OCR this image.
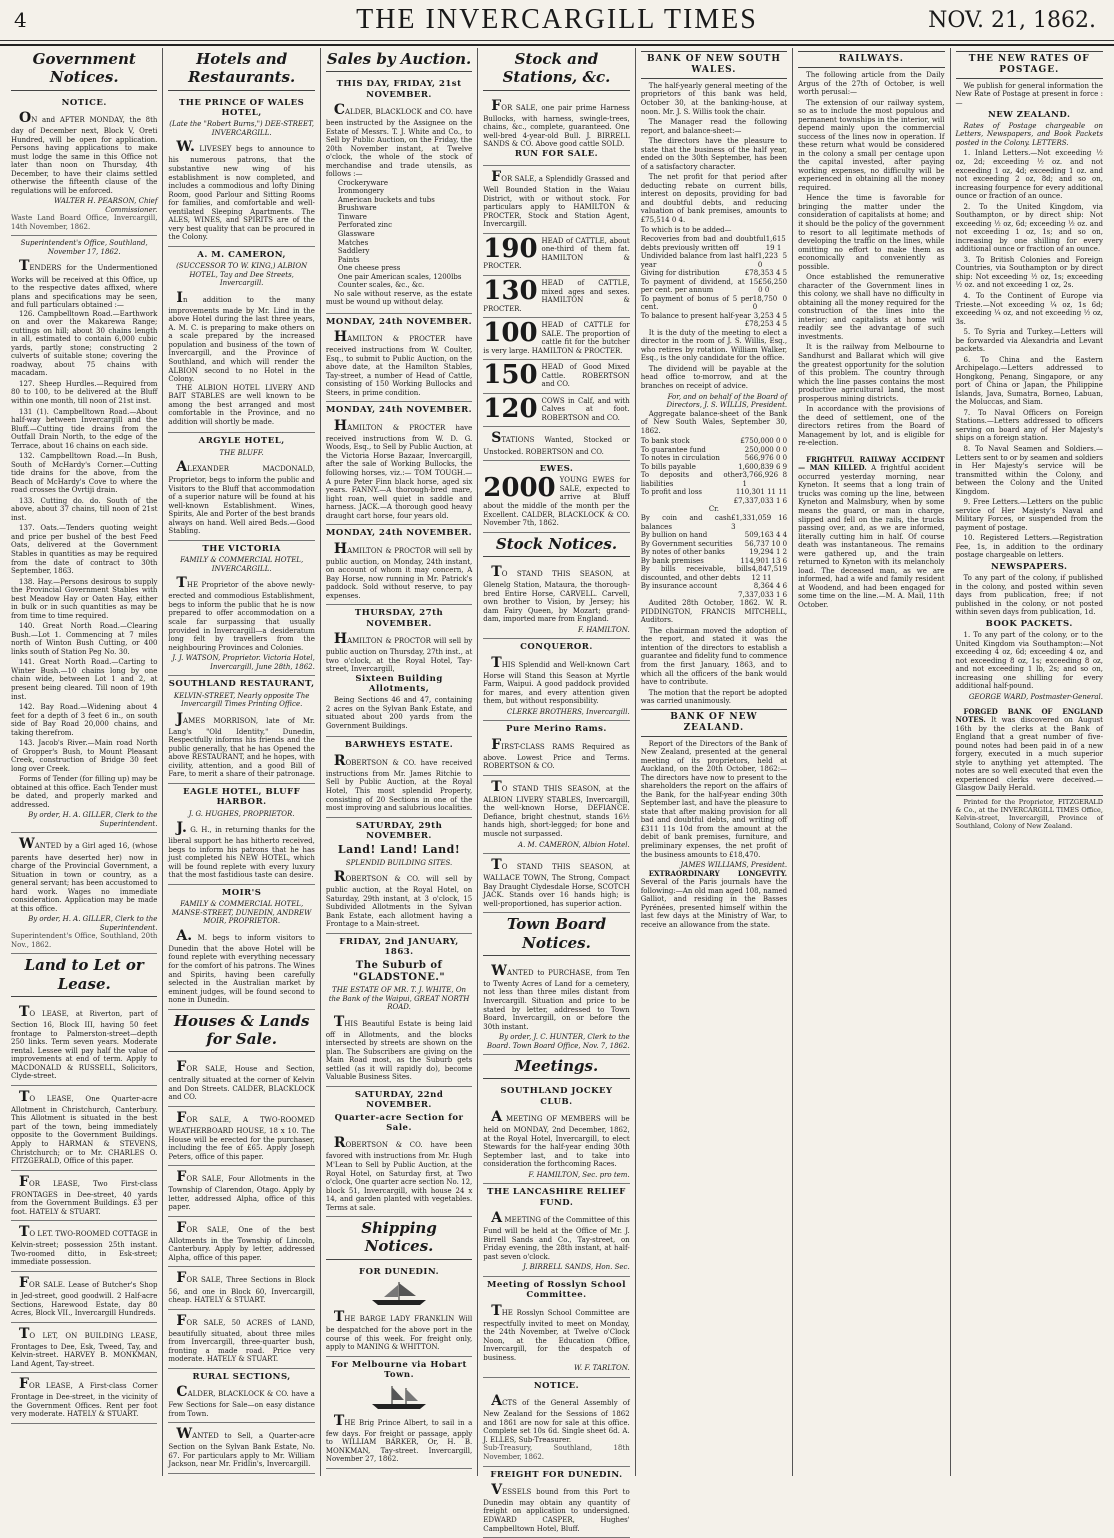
4	THE INVERCARGILL TIMES	NOV. 21, 1862.
Government Notices.
NOTICE.
ON and AFTER MONDAY, the 8th day of December next, Block V, Oreti Hundred, will be open for application. Persons having applications to make must lodge the same in this Office not later than noon on Thursday, 4th December, to have their claims settled otherwise the fifteenth clause of the regulations will be enforced.
WALTER H. PEARSON, Chief Commissioner.
Waste Land Board Office, Invercargill, 14th November, 1862.
Superintendent's Office, Southland, November 17, 1862.
TENDERS for the Undermentioned Works will be received at this Office, up to the respective dates affixed, where plans and specifications may be seen, and full particulars obtained :—
126. Campbelltown Road.—Earthwork on and over the Makarewa Range; cuttings on hill; about 30 chains length in all, estimated to contain 6,000 cubic yards, partly stone; constructing 2 culverts of suitable stone; covering the roadway, about 75 chains with macadam.
127. Sheep Hurdles.—Required from 80 to 100, to be delivered at the Bluff within one month, till noon of 21st inst.
131 (1). Campbelltown Road.—About half-way between Invercargill and the Bluff.—Cutting tide drains from the Outfall Drain North, to the edge of the Terrace, about 16 chains on each side.
132. Campbelltown Road.—In Bush, South of McHardy's Corner.—Cutting tide drains for the above, from the Beach of McHardy's Cove to where the road crosses the Ovrtiji drain.
133. Cutting do. do. South of the above, about 37 chains, till noon of 21st inst.
137. Oats.—Tenders quoting weight and price per bushel of the best Feed Oats, delivered at the Government Stables in quantities as may be required from the date of contract to 30th September, 1863.
138. Hay.—Persons desirous to supply the Provincial Government Stables with best Meadow Hay or Oaten Hay, either in bulk or in such quantities as may be from time to time required.
140. Great North Road.—Clearing Bush.—Lot 1. Commencing at 7 miles north of Winton Bush Cutting, or 400 links south of Station Peg No. 30.
141. Great North Road.—Carting to Winter Bush.—10 chains long by one chain wide, between Lot 1 and 2, at present being cleared. Till noon of 19th inst.
142. Bay Road.—Widening about 4 feet for a depth of 3 feet 6 in., on south side of Bay Road 20,000 chains, and taking therefrom.
143. Jacob's River.—Main road North of Gropper's Bush, to Mount Pleasant Creek, construction of Bridge 30 feet long over Creek.
Forms of Tender (for filling up) may be obtained at this office. Each Tender must be dated, and properly marked and addressed.
By order, H. A. GILLER, Clerk to the Superintendent.
WANTED by a Girl aged 16, (whose parents have deserted her) now in charge of the Provincial Government, a Situation in town or country, as a general servant; has been accustomed to hard work. Wages no immediate consideration. Application may be made at this office.
By order, H. A. GILLER, Clerk to the Superintendent.
Superintendent's Office, Southland, 20th Nov., 1862.
Land to Let or Lease.
TO LEASE, at Riverton, part of Section 16, Block III, having 50 feet frontage to Palmerston-street—depth 250 links. Term seven years. Moderate rental. Lessee will pay half the value of improvements at end of term. Apply to MACDONALD & RUSSELL, Solicitors, Clyde-street.
TO LEASE, One Quarter-acre Allotment in Christchurch, Canterbury. This Allotment is situated in the best part of the town, being immediately opposite to the Government Buildings. Apply to HARMAN & STEVENS, Christchurch; or to Mr. CHARLES O. FITZGERALD, Office of this paper.
FOR LEASE, Two First-class FRONTAGES in Dee-street, 40 yards from the Government Buildings. £3 per foot. HATELY & STUART.
TO LET. TWO-ROOMED COTTAGE in Kelvin-street; possession 25th instant. Two-roomed ditto, in Esk-street; immediate possession.
FOR SALE. Lease of Butcher's Shop in Jed-street, good goodwill. 2 Half-acre Sections, Harewood Estate, day 80 Acres, Block VII., Invercargill Hundreds.
TO LET, ON BUILDING LEASE, Frontages to Dee, Esk, Tweed, Tay, and Kelvin-street. HARVEY B. MONKMAN, Land Agent, Tay-street.
FOR LEASE, A First-class Corner Frontage in Dee-street, in the vicinity of the Government Offices. Rent per foot very moderate. HATELY & STUART.
Hotels and Restaurants.
THE PRINCE OF WALES HOTEL,
(Late the "Robert Burns,") DEE-STREET, INVERCARGILL.
W. LIVESEY begs to announce to his numerous patrons, that the substantive new wing of his establishment is now completed, and includes a commodious and lofty Dining Room, good Parlour and Sitting Rooms for families, and comfortable and well-ventilated Sleeping Apartments. The ALES, WINES, and SPIRITS are of the very best quality that can be procured in the Colony.
A. M. CAMERON,
(SUCCESSOR TO W. KING,) ALBION HOTEL, Tay and Dee Streets, Invercargill.
In addition to the many improvements made by Mr. Lind in the above Hotel during the last three years, A. M. C. is preparing to make others on a scale prepared by the increased population and business of the town of Invercargill, and the Province of Southland, and which will render the ALBION second to no Hotel in the Colony.
THE ALBION HOTEL LIVERY AND BAIT STABLES are well known to be among the best arranged and most comfortable in the Province, and no addition will shortly be made.
ARGYLE HOTEL,
THE BLUFF.
ALEXANDER MACDONALD, Proprietor, begs to inform the public and Visitors to the Bluff that accommodation of a superior nature will be found at his well-known Establishment. Wines, Spirits, Ale and Porter of the best brands always on hand. Well aired Beds.—Good Stabling.
THE VICTORIA
FAMILY & COMMERCIAL HOTEL, INVERCARGILL.
THE Proprietor of the above newly-erected and commodious Establishment, begs to inform the public that he is now prepared to offer accommodation on a scale far surpassing that usually provided in Invercargill—a desideratum long felt by travellers from the neighbouring Provinces and Colonies.
J. J. WATSON, Proprietor. Victoria Hotel, Invercargill, June 28th, 1862.
SOUTHLAND RESTAURANT,
KELVIN-STREET, Nearly opposite The Invercargill Times Printing Office.
JAMES MORRISON, late of Mr. Lang's "Old Identity," Dunedin, Respectfully informs his friends and the public generally, that he has Opened the above RESTAURANT, and he hopes, with civility, attention, and a good Bill of Fare, to merit a share of their patronage.
EAGLE HOTEL, BLUFF HARBOR.
J. G. HUGHES, PROPRIETOR.
J. G. H., in returning thanks for the liberal support he has hitherto received, begs to inform his patrons that he has just completed his NEW HOTEL, which will be found replete with every luxury that the most fastidious taste can desire.
MOIR'S
FAMILY & COMMERCIAL HOTEL, MANSE-STREET, DUNEDIN, ANDREW MOIR, PROPRIETOR.
A. M. begs to inform visitors to Dunedin that the above Hotel will be found replete with everything necessary for the comfort of his patrons. The Wines and Spirits, having been carefully selected in the Australian market by eminent judges, will be found second to none in Dunedin.
Houses & Lands for Sale.
FOR SALE, House and Section, centrally situated at the corner of Kelvin and Don Streets. CALDER, BLACKLOCK and CO.
FOR SALE, A TWO-ROOMED WEATHERBOARD HOUSE, 18 x 10. The House will be erected for the purchaser, including the fee of £65. Apply Joseph Peters, office of this paper.
FOR SALE, Four Allotments in the Township of Clarendon, Otago. Apply by letter, addressed Alpha, office of this paper.
FOR SALE, One of the best Allotments in the Township of Lincoln, Canterbury. Apply by letter, addressed Alpha, office of this paper.
FOR SALE, Three Sections in Block 56, and one in Block 60, Invercargill, cheap. HATELY & STUART.
FOR SALE, 50 ACRES of LAND, beautifully situated, about three miles from Invercargill, three-quarter bush, fronting a made road. Price very moderate. HATELY & STUART.
RURAL SECTIONS,
CALDER, BLACKLOCK & CO. have a Few Sections for Sale—on easy distance from Town.
WANTED to Sell, a Quarter-acre Section on the Sylvan Bank Estate, No. 67. For particulars apply to Mr. William Jackson, near Mr. Fridlin's, Invercargill.
Sales by Auction.
THIS DAY, FRIDAY, 21st NOVEMBER.
CALDER, BLACKLOCK and CO. have been instructed by the Assignee on the Estate of Messrs. T. J. White and Co., to Sell by Public Auction, on the Friday, the 20th November instant, at Twelve o'clock, the whole of the stock of merchandise and trade utensils, as follows :—
Crockeryware
Ironmongery
American buckets and tubs
Brushware
Tinware
Perforated zinc
Glassware
Matches
Saddlery
Paints
One cheese press
One pair American scales, 1200lbs
Counter scales, &c., &c.
No sale without reserve, as the estate must be wound up without delay.
MONDAY, 24th NOVEMBER.
HAMILTON & PROCTER have received instructions from W. Coulter, Esq., to submit to Public Auction, on the above date, at the Hamilton Stables, Tay-street, a number of Head of Cattle, consisting of 150 Working Bullocks and Steers, in prime condition.
MONDAY, 24th NOVEMBER.
HAMILTON & PROCTER have received instructions from W. D. G. Woods, Esq., to Sell by Public Auction, at the Victoria Horse Bazaar, Invercargill, after the sale of Working Bullocks, the following horses, viz.:— TOM TOUGH.—A pure Peter Finn black horse, aged six years. FANNY.—A thorough-bred mare, light roan, well quiet in saddle and harness. JACK.—A thorough good heavy draught cart horse, four years old.
MONDAY, 24th NOVEMBER.
HAMILTON & PROCTOR will sell by public auction, on Monday, 24th instant, on account of whom it may concern, A Bay Horse, now running in Mr. Patrick's paddock. Sold without reserve, to pay expenses.
THURSDAY, 27th NOVEMBER.
HAMILTON & PROCTOR will sell by public auction on Thursday, 27th inst., at two o'clock, at the Royal Hotel, Tay-street, Invercargill,
Sixteen Building Allotments,
Being Sections 46 and 47, containing 2 acres on the Sylvan Bank Estate, and situated about 200 yards from the Government Buildings.
BARWHEYS ESTATE.
ROBERTSON & CO. have received instructions from Mr. James Ritchie to Sell by Public Auction, at the Royal Hotel, This most splendid Property, consisting of 20 Sections in one of the most improving and salubrious localities.
SATURDAY, 29th NOVEMBER.
Land! Land! Land!
SPLENDID BUILDING SITES.
ROBERTSON & CO. will sell by public auction, at the Royal Hotel, on Saturday, 29th instant, at 3 o'clock, 15 Subdivided Allotments in the Sylvan Bank Estate, each allotment having a Frontage to a Main-street.
FRIDAY, 2nd JANUARY, 1863.
The Suburb of "GLADSTONE."
THE ESTATE OF MR. T. J. WHITE, On the Bank of the Waipui, GREAT NORTH ROAD.
THIS Beautiful Estate is being laid off in Allotments, and the blocks intersected by streets are shown on the plan. The Subscribers are giving on the Main Road most, as the Suburb gets settled (as it will rapidly do), become Valuable Business Sites.
SATURDAY, 22nd NOVEMBER.
Quarter-acre Section for Sale.
ROBERTSON & CO. have been favored with instructions from Mr. Hugh M'Lean to Sell by Public Auction, at the Royal Hotel, on Saturday first, at Two o'clock, One quarter acre section No. 12, block 51, Invercargill, with house 24 x 14, and garden planted with vegetables. Terms at sale.
Shipping Notices.
FOR DUNEDIN.
THE BARGE LADY FRANKLIN Will be despatched for the above port in the course of this week. For freight only, apply to MANING & WHITTON.
For Melbourne via Hobart Town.
THE Brig Prince Albert, to sail in a few days. For freight or passage, apply to WILLIAM BARKER, Or, H. B. MONKMAN, Tay-street. Invercargill, November 27, 1862.
Stock and Stations, &c.
FOR SALE, one pair prime Harness Bullocks, with harness, swingle-trees, chains, &c., complete, guaranteed. One well-bred 4-year-old Bull. J. BIRRELL SANDS & CO. Above good cattle SOLD.
RUN FOR SALE.
FOR SALE, a Splendidly Grassed and Well Bounded Station in the Waiau District, with or without stock. For particulars apply to HAMILTON & PROCTER, Stock and Station Agent, Invercargill.
190 HEAD of CATTLE, about one-third of them fat. HAMILTON & PROCTER.
130 HEAD of CATTLE, mixed ages and sexes. HAMILTON & PROCTER.
100 HEAD of CATTLE for SALE. The proportion of cattle fit for the butcher is very large. HAMILTON & PROCTER.
150 HEAD of Good Mixed Cattle. ROBERTSON and CO.
120 COWS in Calf, and with Calves at foot. ROBERTSON and CO.
STATIONS Wanted, Stocked or Unstocked. ROBERTSON and CO.
EWES.
2000 YOUNG EWES for SALE, expected to arrive at Bluff about the middle of the month per the Excellent. CALDER, BLACKLOCK & CO. November 7th, 1862.
Stock Notices.
TO STAND THIS SEASON, at Glenelg Station, Mataura, the thorough-bred Entire Horse, CARVELL. Carvell, own brother to Vision, by Jersey; his dam Fairy Queen, by Mozart; grand-dam, imported mare from England.
F. HAMILTON.
CONQUEROR.
THIS Splendid and Well-known Cart Horse will Stand this Season at Myrtle Farm, Waipui. A good paddock provided for mares, and every attention given them, but without responsibility.
CLERKE BROTHERS, Invercargill.
Pure Merino Rams.
FIRST-CLASS RAMS Required as above. Lowest Price and Terms. ROBERTSON & CO.
TO STAND THIS SEASON, at the ALBION LIVERY STABLES, Invercargill, the well-known Horse, DEFIANCE. Defiance, bright chestnut, stands 16½ hands high, short-legged; for bone and muscle not surpassed.
A. M. CAMERON, Albion Hotel.
TO STAND THIS SEASON, at WALLACE TOWN, The Strong, Compact Bay Draught Clydesdale Horse, SCOTCH JACK. Stands over 16 hands high; is well-proportioned, has superior action.
Town Board Notices.
WANTED to PURCHASE, from Ten to Twenty Acres of Land for a cemetery, not less than three miles distant from Invercargill. Situation and price to be stated by letter, addressed to Town Board, Invercargill, on or before the 30th instant.
By order, J. C. HUNTER, Clerk to the Board. Town Board Office, Nov. 7, 1862.
Meetings.
SOUTHLAND JOCKEY CLUB.
A MEETING OF MEMBERS will be held on MONDAY, 2nd December, 1862, at the Royal Hotel, Invercargill, to elect Stewards for the half-year ending 30th September last, and to take into consideration the forthcoming Races.
F. HAMILTON, Sec. pro tem.
THE LANCASHIRE RELIEF FUND.
A MEETING of the Committee of this Fund will be held at the Office of Mr. J. Birrell Sands and Co., Tay-street, on Friday evening, the 28th instant, at half-past seven o'clock.
J. BIRRELL SANDS, Hon. Sec.
Meeting of Rosslyn School Committee.
THE Rosslyn School Committee are respectfully invited to meet on Monday, the 24th November, at Twelve o'Clock Noon, at the Education Office, Invercargill, for the despatch of business.
W. F. TARLTON.
NOTICE.
ACTS of the General Assembly of New Zealand for the Sessions of 1862 and 1861 are now for sale at this office. Complete set 10s 6d. Single sheet 6d. A. J. ELLES, Sub-Treasurer.
Sub-Treasury, Southland, 18th November, 1862.
FREIGHT FOR DUNEDIN.
VESSELS bound from this Port to Dunedin may obtain any quantity of freight on application to undersigned. EDWARD CASPER, Hughes' Campbelltown Hotel, Bluff.
BANK OF NEW SOUTH WALES.

The half-yearly general meeting of the proprietors of this bank was held, October 30, at the banking-house, at noon. Mr. J. S. Willis took the chair.

The Manager read the following report, and balance-sheet:—

The directors have the pleasure to state that the business of the half year, ended on the 30th September, has been of a satisfactory character.

The net profit for that period after deducting rebate on current bills, interest on deposits, providing for bad and doubtful debts, and reducing valuation of bank premises, amounts to £75,514 0 4.

To which is to be added—
Recoveries from bad and doubtful debts previously written off
1,615 19 1
Undivided balance from last half year
1,223 5 0
Giving for distribution	£78,353 4 5
To payment of dividend, at 15 per cent. per annum
£56,250 0 0
To payment of bonus of 5 per cent.
18,750 0 0
To balance to present half-year 3,253 4 5
£78,253 4 5

It is the duty of the meeting to elect a director in the room of J. S. Willis, Esq., who retires by rotation. William Walker, Esq., is the only candidate for the office.

The dividend will be payable at the head office to-morrow, and at the branches on receipt of advice.

For, and on behalf of the Board of Directors, J. S. WILLIS, President.

Aggregate balance-sheet of the Bank of New South Wales, September 30, 1862.

To bank stock	£750,000 0 0
To guarantee fund	250,000 0 0
To notes in circulation	566,976 0 0
To bills payable	1,600,839 6 9
To deposits and other liabilities
3,766,926 8 1
To profit and loss	110,301 11 11
£7,337,033 1 6
Cr.
By coin and cash balances
£1,331,059 16 3
By bullion on hand	509,163 4 4
By Government securities 56,737 10 0
By notes of other banks	19,294 1 2
By bank premises	114,901 13 6
By bills receivable, bills discounted, and other debts
4,847,519 12 11
By insurance account	8,364 4 6
7,337,033 1 6

Audited 28th October, 1862. W. R. PIDDINGTON, FRANCIS MITCHELL, Auditors.

The chairman moved the adoption of the report, and stated it was the intention of the directors to establish a guarantee and fidelity fund to commence from the first January, 1863, and to which all the officers of the bank would have to contribute.

The motion that the report be adopted was carried unanimously.

BANK OF NEW ZEALAND.

Report of the Directors of the Bank of New Zealand, presented at the general meeting of its proprietors, held at Auckland, on the 20th October, 1862:—The directors have now to present to the shareholders the report on the affairs of the Bank, for the half-year ending 30th September last, and have the pleasure to state that after making provision for all bad and doubtful debts, and writing off £311 11s 10d from the amount at the debit of bank premises, furniture, and preliminary expenses, the net profit of the business amounts to £18,470.

JAMES WILLIAMS, President.

EXTRAORDINARY LONGEVITY. Several of the Paris journals have the following:—An old man aged 108, named Galliot, and residing in the Basses Pyrénées, presented himself within the last few days at the Ministry of War, to receive an allowance from the state.

RAILWAYS.

The following article from the Daily Argus of the 27th of October, is well worth perusal:—

The extension of our railway system, so as to include the most populous and permanent townships in the interior, will depend mainly upon the commercial success of the lines now in operation. If these return what would be considered in the colony a small per centage upon the capital invested, after paying working expenses, no difficulty will be experienced in obtaining all the money required.

Hence the time is favorable for bringing the matter under the consideration of capitalists at home; and it should be the policy of the government to resort to all legitimate methods of developing the traffic on the lines, while omitting no effort to make them as economically and conveniently as possible.

Once established the remunerative character of the Government lines in this colony, we shall have no difficulty in obtaining all the money required for the construction of the lines into the interior; and capitalists at home will readily see the advantage of such investments.

It is the railway from Melbourne to Sandhurst and Ballarat which will give the greatest opportunity for the solution of this problem. The country through which the line passes contains the most productive agricultural land, the most prosperous mining districts.

In accordance with the provisions of the deed of settlement, one of the directors retires from the Board of Management by lot, and is eligible for re-election.

FRIGHTFUL RAILWAY ACCIDENT — MAN KILLED. A frightful accident occurred yesterday morning, near Kyneton. It seems that a long train of trucks was coming up the line, between Kyneton and Malmsbury, when by some means the guard, or man in charge, slipped and fell on the rails, the trucks passing over, and, as we are informed, literally cutting him in half. Of course death was instantaneous. The remains were gathered up, and the train returned to Kyneton with its melancholy load. The deceased man, as we are informed, had a wife and family resident at Woodend, and had been engaged for some time on the line.—M. A. Mail, 11th October.

THE NEW RATES OF POSTAGE.

We publish for general information the New Rate of Postage at present in force :—

NEW ZEALAND.

Rates of Postage chargeable on Letters, Newspapers, and Book Packets posted in the Colony. LETTERS.

1. Inland Letters.—Not exceeding ½ oz, 2d; exceeding ½ oz. and not exceeding 1 oz, 4d; exceeding 1 oz. and not exceeding 2 oz, 8d; and so on, increasing fourpence for every additional ounce or fraction of an ounce.

2. To the United Kingdom, via Southampton, or by direct ship: Not exceeding ½ oz, 6d; exceeding ½ oz. and not exceeding 1 oz, 1s; and so on, increasing by one shilling for every additional ounce or fraction of an ounce.

3. To British Colonies and Foreign Countries, via Southampton or by direct ship: Not exceeding ½ oz, 1s; exceeding ½ oz. and not exceeding 1 oz, 2s.

4. To the Continent of Europe via Trieste.—Not exceeding ¼ oz, 1s 6d; exceeding ¼ oz, and not exceeding ½ oz, 3s.

5. To Syria and Turkey.—Letters will be forwarded via Alexandria and Levant packets.

6. To China and the Eastern Archipelago.—Letters addressed to Hongkong, Penang, Singapore, or any port of China or Japan, the Philippine Islands, Java, Sumatra, Borneo, Labuan, the Moluccas, and Siam.

7. To Naval Officers on Foreign Stations.—Letters addressed to officers serving on board any of Her Majesty's ships on a foreign station.

8. To Naval Seamen and Soldiers.—Letters sent to or by seamen and soldiers in Her Majesty's service will be transmitted within the Colony, and between the Colony and the United Kingdom.

9. Free Letters.—Letters on the public service of Her Majesty's Naval and Military Forces, or suspended from the payment of postage.

10. Registered Letters.—Registration Fee, 1s, in addition to the ordinary postage chargeable on letters.

NEWSPAPERS.

To any part of the colony, if published in the colony, and posted within seven days from publication, free; if not published in the colony, or not posted within seven days from publication, 1d.

BOOK PACKETS.

1. To any part of the colony, or to the United Kingdom via Southampton:—Not exceeding 4 oz, 6d; exceeding 4 oz, and not exceeding 8 oz, 1s; exceeding 8 oz, and not exceeding 1 lb, 2s; and so on, increasing one shilling for every additional half-pound.

GEORGE WARD, Postmaster-General.

FORGED BANK OF ENGLAND NOTES. It was discovered on August 16th by the clerks at the Bank of England that a great number of five-pound notes had been paid in of a new forgery, executed in a much superior style to anything yet attempted. The notes are so well executed that even the experienced clerks were deceived.—Glasgow Daily Herald.

Printed for the Proprietor, FITZGERALD & Co., at the INVERCARGILL TIMES Office, Kelvin-street, Invercargill, Province of Southland, Colony of New Zealand.
